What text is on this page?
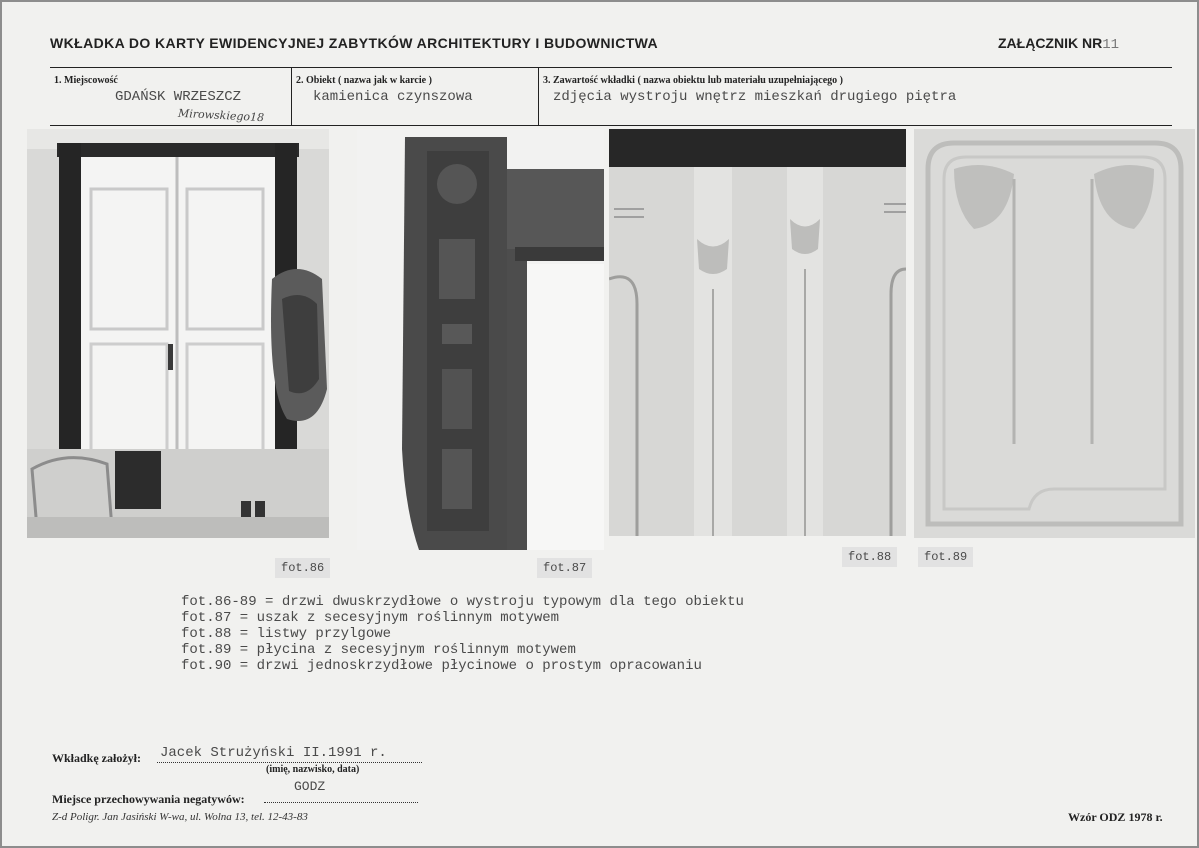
WKŁADKA DO KARTY EWIDENCYJNEJ ZABYTKÓW ARCHITEKTURY I BUDOWNICTWA	ZAŁĄCZNIK NR11
1. Miejscowość
GDAŃSK WRZESZCZ
Mirowskiego18
2. Obiekt ( nazwa jak w karcie )
kamienica czynszowa
3. Zawartość wkładki ( nazwa obiektu lub materiału uzupełniającego )
zdjęcia wystroju wnętrz mieszkań drugiego piętra
fot.86	fot.87
fot.88	fot.89
fot.86-89 = drzwi dwuskrzydłowe o wystroju typowym dla tego obiektu
fot.87 = uszak z secesyjnym roślinnym motywem
fot.88 = listwy przylgowe
fot.89 = płycina z secesyjnym roślinnym motywem
fot.90 = drzwi jednoskrzydłowe płycinowe o prostym opracowaniu
Wkładkę założył: Jacek Strużyński II.1991 r.
(imię, nazwisko, data)
Miejsce przechowywania negatywów:
GODZ
Z-d Poligr. Jan Jasiński W-wa, ul. Wolna 13, tel. 12-43-83	Wzór ODZ 1978 r.
